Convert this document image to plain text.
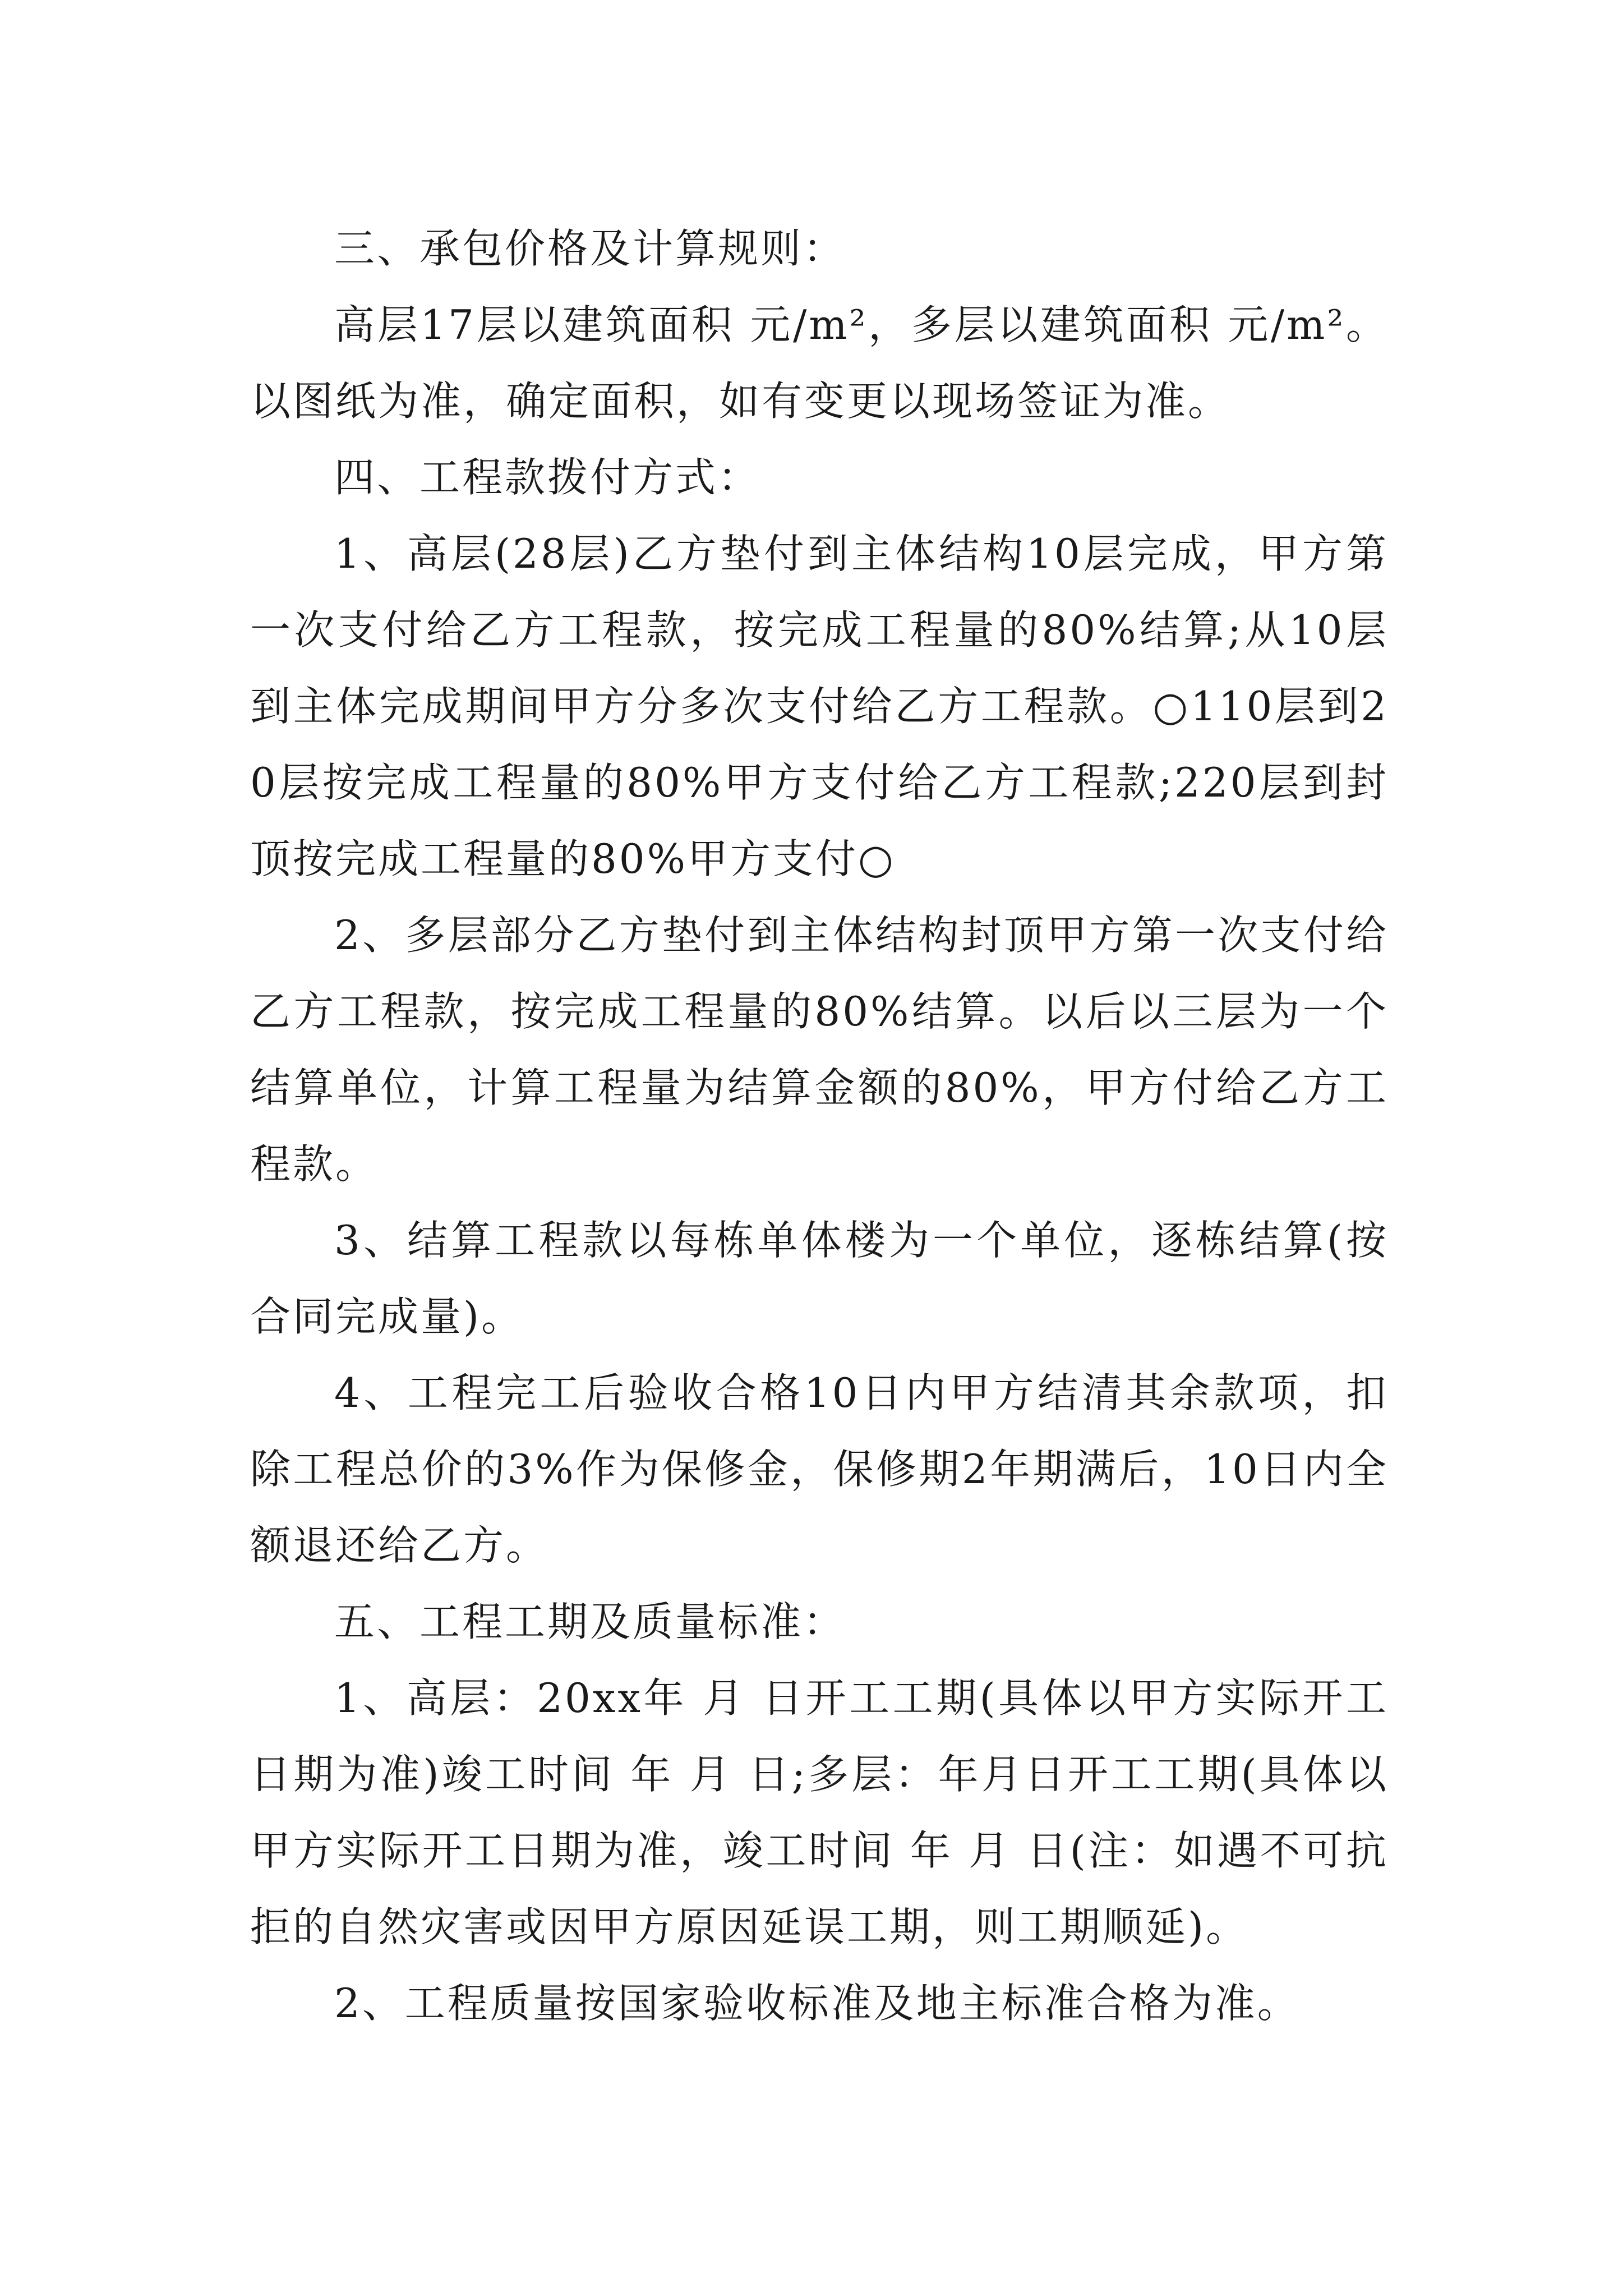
三、承包价格及计算规则：

高层17层以建筑面积 元/m²，多层以建筑面积 元/m²。以图纸为准，确定面积，如有变更以现场签证为准。

四、工程款拨付方式：

1、高层(28层)乙方垫付到主体结构10层完成，甲方第一次支付给乙方工程款，按完成工程量的80%结算;从10层到主体完成期间甲方分多次支付给乙方工程款。○110层到20层按完成工程量的80%甲方支付给乙方工程款;220层到封顶按完成工程量的80%甲方支付○

2、多层部分乙方垫付到主体结构封顶甲方第一次支付给乙方工程款，按完成工程量的80%结算。以后以三层为一个结算单位，计算工程量为结算金额的80%，甲方付给乙方工程款。

3、结算工程款以每栋单体楼为一个单位，逐栋结算(按合同完成量)。

4、工程完工后验收合格10日内甲方结清其余款项，扣除工程总价的3%作为保修金，保修期2年期满后，10日内全额退还给乙方。

五、工程工期及质量标准：

1、高层：20xx年 月 日开工工期(具体以甲方实际开工日期为准)竣工时间 年 月 日;多层：年月日开工工期(具体以甲方实际开工日期为准，竣工时间 年 月 日(注：如遇不可抗拒的自然灾害或因甲方原因延误工期，则工期顺延)。

2、工程质量按国家验收标准及地主标准合格为准。
